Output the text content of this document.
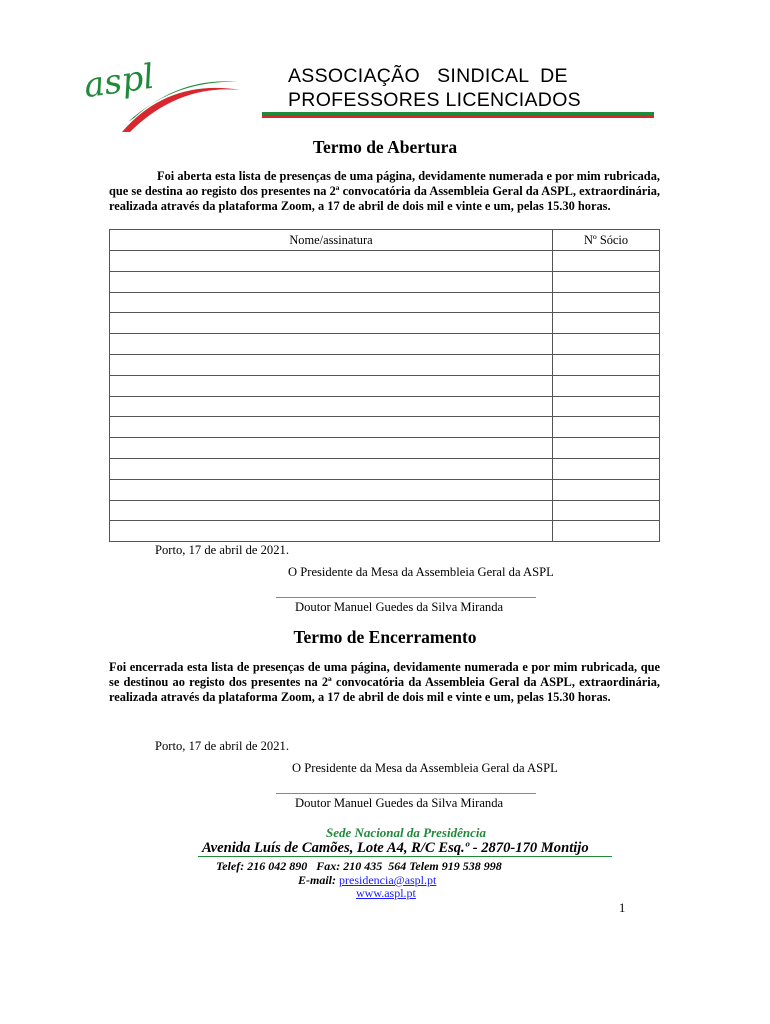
aspl	ASSOCIAÇÃO   SINDICAL  DE
PROFESSORES LICENCIADOS
Termo de Abertura
Foi aberta esta lista de presenças de uma página, devidamente numerada e por mim rubricada, que se destina ao registo dos presentes na 2ª convocatória da Assembleia Geral da ASPL, extraordinária, realizada através da plataforma Zoom, a 17 de abril de dois mil e vinte e um, pelas 15.30 horas.
Nome/assinatura	Nº Sócio

Porto, 17 de abril de 2021.
O Presidente da Mesa da Assembleia Geral da ASPL
Doutor Manuel Guedes da Silva Miranda
Termo de Encerramento
Foi encerrada esta lista de presenças de uma página, devidamente numerada e por mim rubricada, que se destinou ao registo dos presentes na 2ª convocatória da Assembleia Geral da ASPL, extraordinária, realizada através da plataforma Zoom, a 17 de abril de dois mil e vinte e um, pelas 15.30 horas.
Porto, 17 de abril de 2021.
O Presidente da Mesa da Assembleia Geral da ASPL
Doutor Manuel Guedes da Silva Miranda
Sede Nacional da Presidência
Avenida Luís de Camões, Lote A4, R/C Esq.º - 2870-170 Montijo
Telef: 216 042 890   Fax: 210 435  564 Telem 919 538 998
E-mail: presidencia@aspl.pt
www.aspl.pt
1
